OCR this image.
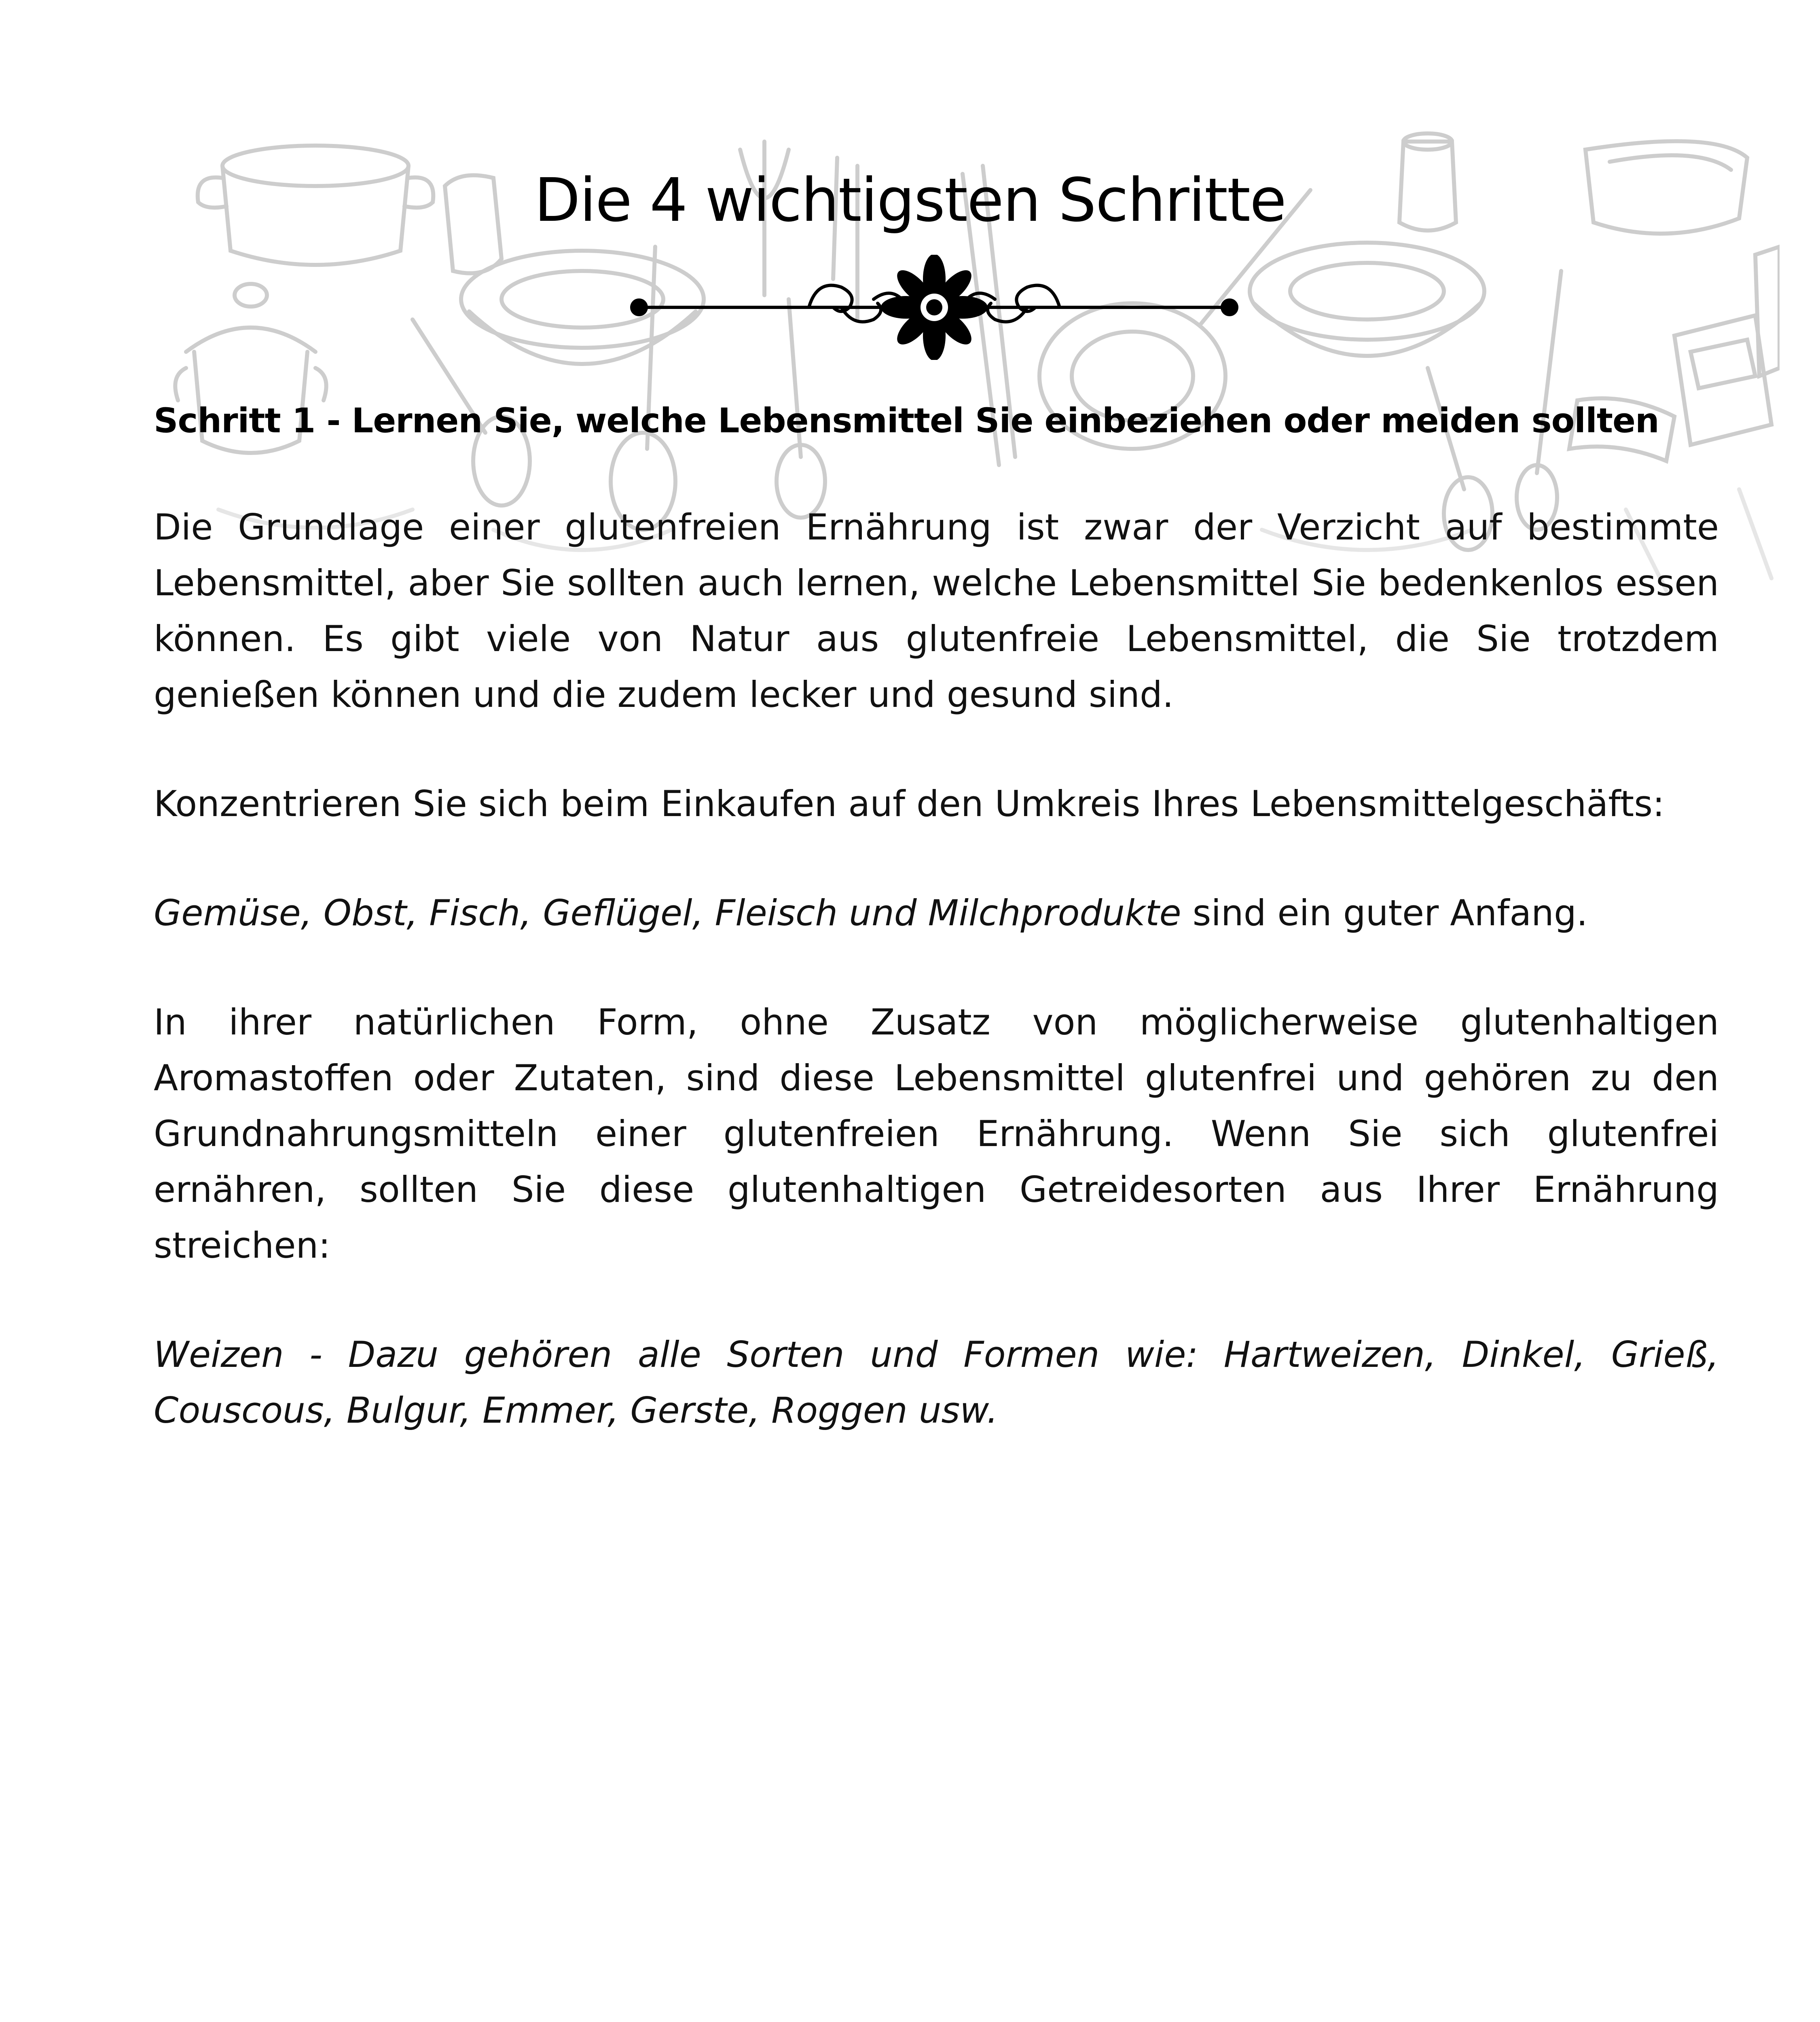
Die 4 wichtigsten Schritte

Schritt 1 - Lernen Sie, welche Lebensmittel Sie einbeziehen oder meiden sollten

Die Grundlage einer glutenfreien Ernährung ist zwar der Verzicht auf bestimmte Lebensmittel, aber Sie sollten auch lernen, welche Lebensmittel Sie bedenkenlos essen können. Es gibt viele von Natur aus glutenfreie Lebensmittel, die Sie trotzdem genießen können und die zudem lecker und gesund sind.

Konzentrieren Sie sich beim Einkaufen auf den Umkreis Ihres Lebensmittelgeschäfts:

Gemüse, Obst, Fisch, Geflügel, Fleisch und Milchprodukte sind ein guter Anfang.

In ihrer natürlichen Form, ohne Zusatz von möglicherweise glutenhaltigen Aromastoffen oder Zutaten, sind diese Lebensmittel glutenfrei und gehören zu den Grundnahrungsmitteln einer glutenfreien Ernährung. Wenn Sie sich glutenfrei ernähren, sollten Sie diese glutenhaltigen Getreidesorten aus Ihrer Ernährung streichen:

Weizen - Dazu gehören alle Sorten und Formen wie: Hartweizen, Dinkel, Grieß, Couscous, Bulgur, Emmer, Gerste, Roggen usw.
